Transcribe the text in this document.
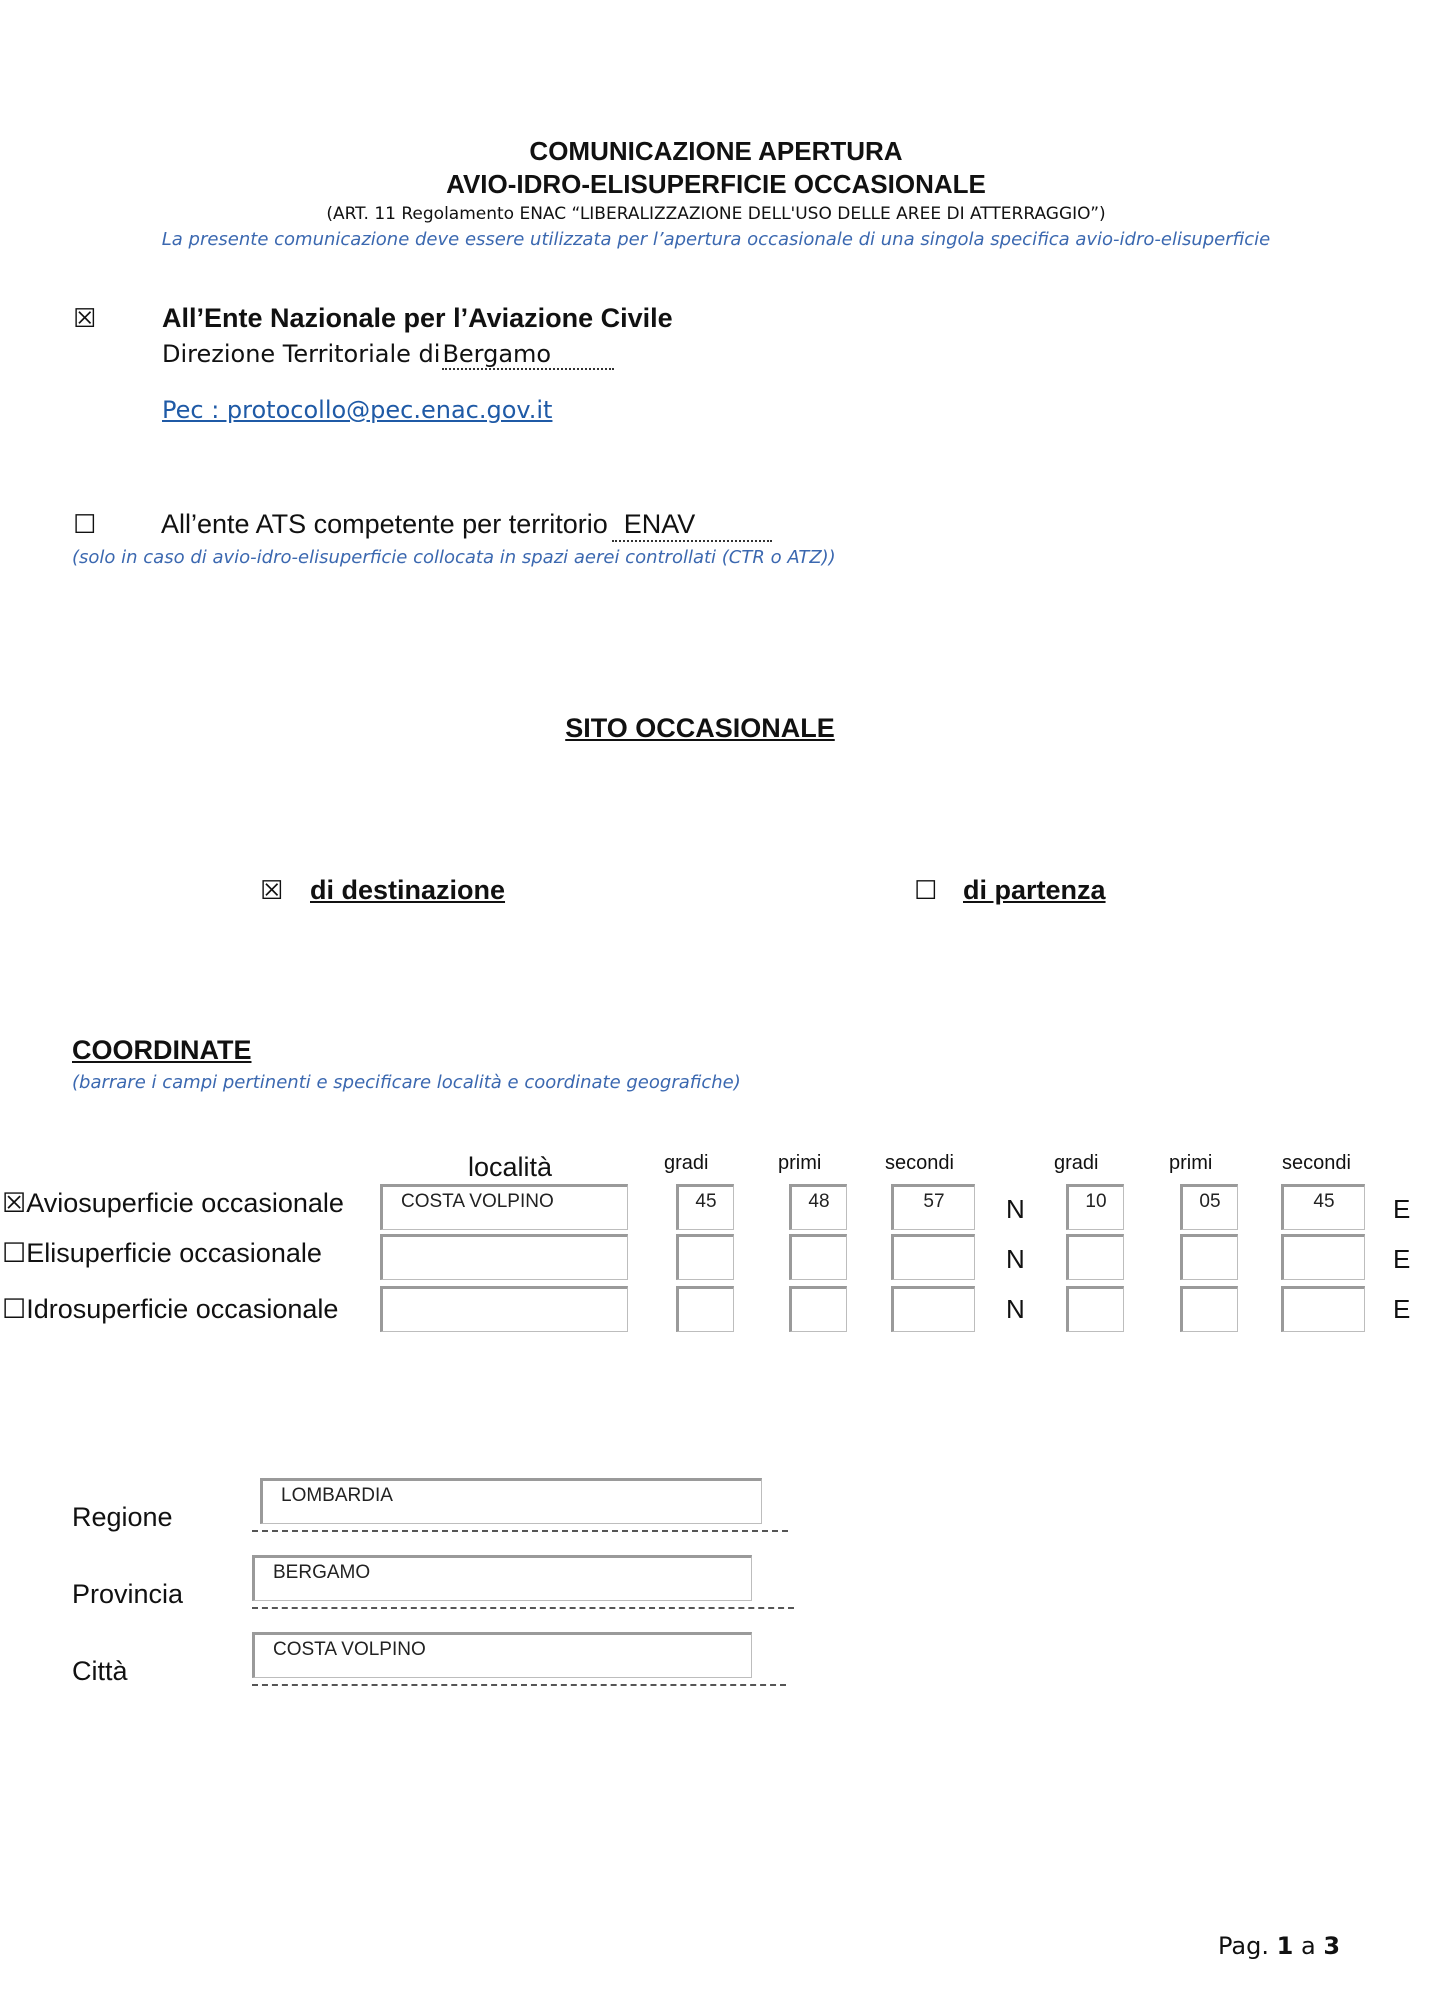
COMUNICAZIONE APERTURA
AVIO-IDRO-ELISUPERFICIE OCCASIONALE
(ART. 11 Regolamento ENAC “LIBERALIZZAZIONE DELL'USO DELLE AREE DI ATTERRAGGIO”)
La presente comunicazione deve essere utilizzata per l’apertura occasionale di una singola specifica avio-idro-elisuperficie
☒ All’Ente Nazionale per l’Aviazione Civile
Direzione Territoriale diBergamo
Pec : protocollo@pec.enac.gov.it
☐ All’ente ATS competente per territorio ENAV
(solo in caso di avio-idro-elisuperficie collocata in spazi aerei controllati (CTR o ATZ))
SITO OCCASIONALE
☒ di destinazione	☐ di partenza
COORDINATE
(barrare i campi pertinenti e specificare località e coordinate geografiche)
località	gradi	primi	secondi	gradi	primi	secondi
☒Aviosuperficie occasionale	COSTA VOLPINO	45	48	57	N	10	05	45	E
☐Elisuperficie occasionale	N	E
☐Idrosuperficie occasionale	N	E
Regione
LOMBARDIA
Provincia
BERGAMO
Città
COSTA VOLPINO
Pag. 1 a 3
